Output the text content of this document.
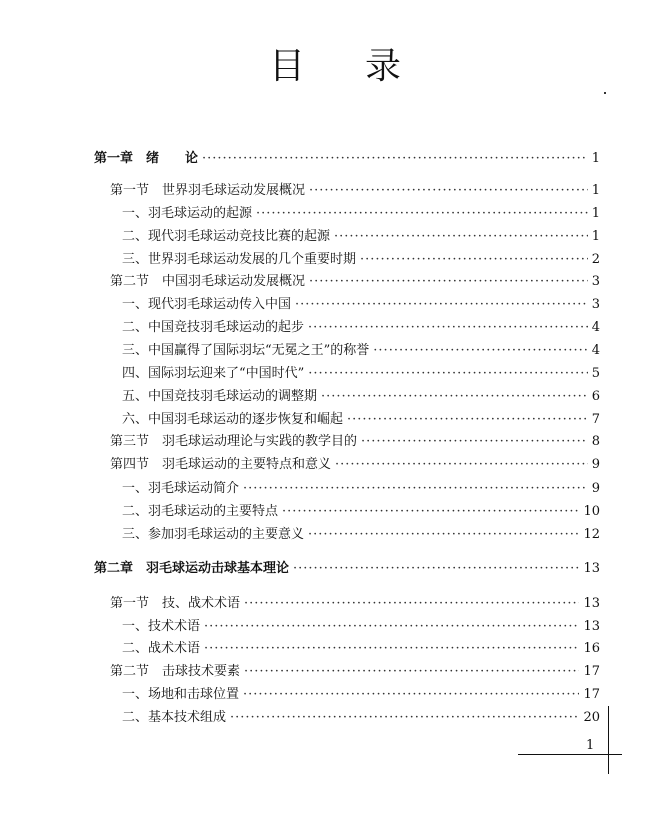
目 录
第一章　绪　　论 ·····	1
第一节　世界羽毛球运动发展概况 ·····	1
一、羽毛球运动的起源 ·····	1
二、现代羽毛球运动竞技比赛的起源 ·····	1
三、世界羽毛球运动发展的几个重要时期 ·····	2
第二节　中国羽毛球运动发展概况 ·····	3
一、现代羽毛球运动传入中国 ·····	3
二、中国竞技羽毛球运动的起步 ·····	4
三、中国赢得了国际羽坛“无冕之王”的称誉 ·····	4
四、国际羽坛迎来了“中国时代” ·····	5
五、中国竞技羽毛球运动的调整期 ·····	6
六、中国羽毛球运动的逐步恢复和崛起 ·····	7
第三节　羽毛球运动理论与实践的教学目的 ·····	8
第四节　羽毛球运动的主要特点和意义 ·····	9
一、羽毛球运动简介 ·····	9
二、羽毛球运动的主要特点 ·····	10
三、参加羽毛球运动的主要意义 ·····	12
第二章　羽毛球运动击球基本理论 ·····	13
第一节　技、战术术语 ·····	13
一、技术术语 ·····	13
二、战术术语 ·····	16
第二节　击球技术要素 ·····	17
一、场地和击球位置 ·····	17
二、基本技术组成 ·····	20
1
